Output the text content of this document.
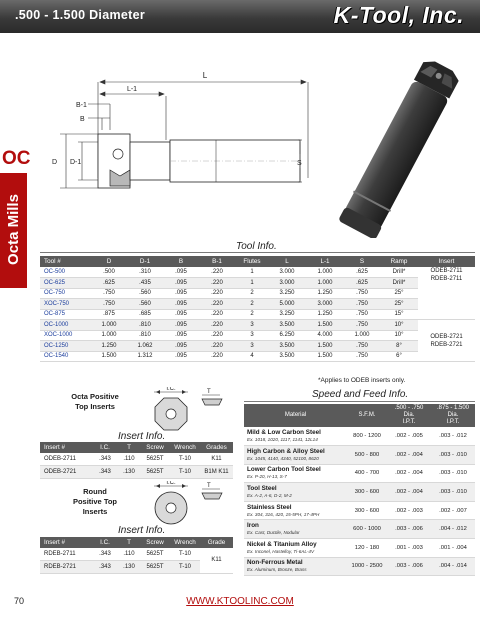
.500 - 1.500 Diameter	K-Tool, Inc.
OC
Octa Mills
L
L-1
B-1
B
D D-1	S
Tool Info.
Tool #	D	D-1	B	B-1	Flutes	L	L-1	S	Ramp	Insert
OC-500	.500	.310	.095	.220	1	3.000	1.000	.625	Drill*	ODEB-2711
RDEB-2711

OC-625	.625	.435	.095	.220	1	3.000	1.000	.625	Drill*	
OC-750	.750	.560	.095	.220	2	3.250	1.250	.750	25°	
XOC-750	.750	.560	.095	.220	2	5.000	3.000	.750	25°	
OC-875	.875	.685	.095	.220	2	3.250	1.250	.750	15°	
OC-1000	1.000	.810	.095	.220	3	3.500	1.500	.750	10°	ODEB-2721
RDEB-2721

XOC-1000	1.000	.810	.095	.220	3	6.250	4.000	1.000	10°	
OC-1250	1.250	1.062	.095	.220	3	3.500	1.500	.750	8°	
OC-1540	1.500	1.312	.095	.220	4	3.500	1.500	.750	6°	
*Applies to ODEB inserts only.
Octa Positive Top Inserts
I.C.	T
Insert Info.
Insert #	I.C.	T	Screw	Wrench	Grades
ODEB-2711	.343	.110	5625T	T-10	K11
ODEB-2721	.343	.130	5625T	T-10	B1M K11
Round Positive Top Inserts
I.C.	T
Insert Info.
Insert #	I.C.	T	Screw	Wrench	Grade
RDEB-2711	.343	.110	5625T	T-10	K11
RDEB-2721	.343	.130	5625T	T-10	
Speed and Feed Info.
Material	S.F.M.	.500 - .750
Dia.
I.P.T.	.875 - 1.500
Dia.
I.P.T.

Mild & Low Carbon Steel
Ex. 1018, 1020, 1117, 1141, 12L14	800 - 1200	.002 - .005	.003 - .012

High Carbon & Alloy Steel
Ex. 1045, 4140, 4340, 52100, 8620	500 - 800	.002 - .004	.003 - .010

Lower Carbon Tool Steel
Ex. P-20, H-13, S-7	400 - 700	.002 - .004	.003 - .010

Tool Steel
Ex. A-2, A-6, D-2, M-2	300 - 600	.002 - .004	.003 - .010

Stainless Steel
Ex. 304, 316, 420, 15-5PH, 17-4PH	300 - 600	.002 - .003	.002 - .007

Iron
Ex. Cast, Ductile, Nodular	600 - 1000	.003 - .006	.004 - .012

Nickel & Titanium Alloy
Ex. Inconel, Hastelloy, Ti-6AL-4V	120 - 180	.001 - .003	.001 - .004

Non-Ferrous Metal
Ex. Aluminum, Bronze, Brass	1000 - 2500	.003 - .006	.004 - .014
70	WWW.KTOOLINC.COM
